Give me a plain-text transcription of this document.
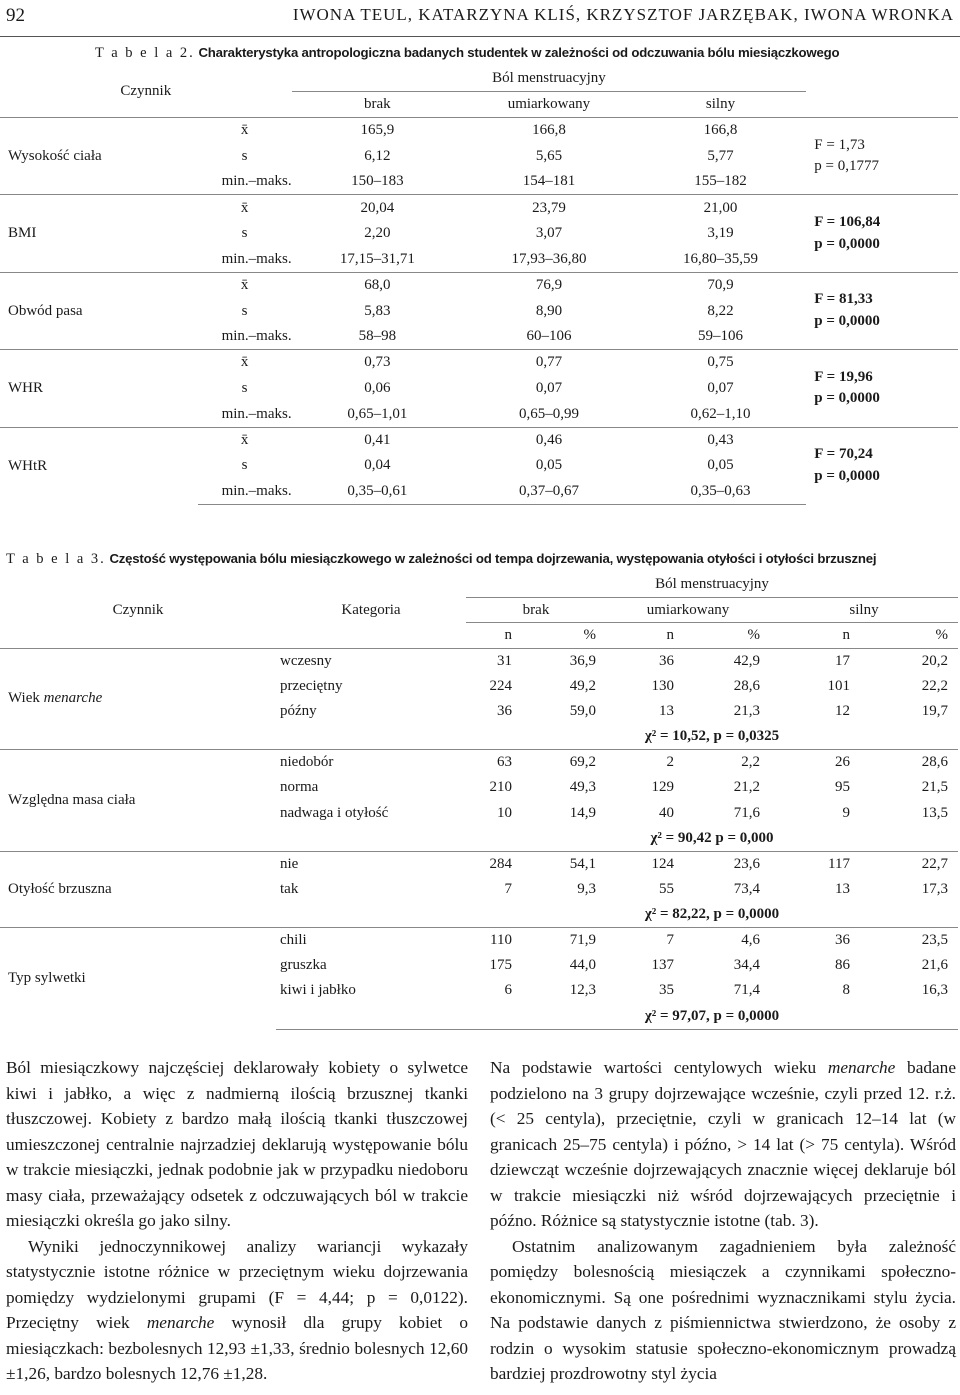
92	IWONA TEUL, KATARZYNA KLIŚ, KRZYSZTOF JARZĘBAK, IWONA WRONKA
T a b e l a 2. Charakterystyka antropologiczna badanych studentek w zależności od odczuwania bólu miesiączkowego
Czynnik		Ból menstruacyjny			
		brak	umiarkowany	silny	
Wysokość ciała	x̄	165,9	166,8	166,8	F = 1,73
p = 0,1777

	s	6,12	5,65	5,77	
	min.–maks.	150–183	154–181	155–182	
BMI	x̄	20,04	23,79	21,00	F = 106,84
p = 0,0000

	s	2,20	3,07	3,19	
	min.–maks.	17,15–31,71	17,93–36,80	16,80–35,59	
Obwód pasa	x̄	68,0	76,9	70,9	F = 81,33
p = 0,0000

	s	5,83	8,90	8,22	
	min.–maks.	58–98	60–106	59–106	
WHR	x̄	0,73	0,77	0,75	F = 19,96
p = 0,0000

	s	0,06	0,07	0,07	
	min.–maks.	0,65–1,01	0,65–0,99	0,62–1,10	
WHtR	x̄	0,41	0,46	0,43	F = 70,24
p = 0,0000

	s	0,04	0,05	0,05	
	min.–maks.	0,35–0,61	0,37–0,67	0,35–0,63	
T a b e l a 3. Częstość występowania bólu miesiączkowego w zależności od tempa dojrzewania, występowania otyłości i otyłości brzusznej
		Ból menstruacyjny					
Czynnik	Kategoria	brak		umiarkowany		silny	
		n	%	n	%	n	%
Wiek menarche	wczesny	31	36,9	36	42,9	17	20,2
	przeciętny	224	49,2	130	28,6	101	22,2
	późny	36	59,0	13	21,3	12	19,7
		χ² = 10,52, p = 0,0325					
Względna masa ciała	niedobór	63	69,2	2	2,2	26	28,6
	norma	210	49,3	129	21,2	95	21,5
	nadwaga i otyłość	10	14,9	40	71,6	9	13,5
		χ² = 90,42 p = 0,000					
Otyłość brzuszna	nie	284	54,1	124	23,6	117	22,7
	tak	7	9,3	55	73,4	13	17,3
		χ² = 82,22, p = 0,0000					
Typ sylwetki	chili	110	71,9	7	4,6	36	23,5
	gruszka	175	44,0	137	34,4	86	21,6
	kiwi i jabłko	6	12,3	35	71,4	8	16,3
		χ² = 97,07, p = 0,0000					

Ból miesiączkowy najczęściej deklarowały kobiety o sylwetce kiwi i jabłko, a więc z nadmierną ilością brzusznej tkanki tłuszczowej. Kobiety z bardzo małą ilością tkanki tłuszczowej umieszczonej centralnie najrzadziej deklarują występowanie bólu w trakcie miesiączki, jednak podobnie jak w przypadku niedoboru masy ciała, przeważający odsetek z odczuwających ból w trakcie miesiączki określa go jako silny.

Wyniki jednoczynnikowej analizy wariancji wykazały statystycznie istotne różnice w przeciętnym wieku dojrzewania pomiędzy wydzielonymi grupami (F = 4,44; p = 0,0122). Przeciętny wiek menarche wynosił dla grupy kobiet o miesiączkach: bezbolesnych 12,93 ±1,33, średnio bolesnych 12,60 ±1,26, bardzo bolesnych 12,76 ±1,28.

Na podstawie wartości centylowych wieku menarche badane podzielono na 3 grupy dojrzewające wcześnie, czyli przed 12. r.ż. (< 25 centyla), przeciętnie, czyli w granicach 12–14 lat (w granicach 25–75 centyla) i późno, > 14 lat (> 75 centyla). Wśród dziewcząt wcześnie dojrzewających znacznie więcej deklaruje ból w trakcie miesiączki niż wśród dojrzewających przeciętnie i późno. Różnice są statystycznie istotne (tab. 3).

Ostatnim analizowanym zagadnieniem była zależność pomiędzy bolesnością miesiączek a czynnikami społeczno-ekonomicznymi. Są one pośrednimi wyznacznikami stylu życia. Na podstawie danych z piśmiennictwa stwierdzono, że osoby z rodzin o wysokim statusie społeczno-ekonomicznym prowadzą bardziej prozdrowotny styl życia
